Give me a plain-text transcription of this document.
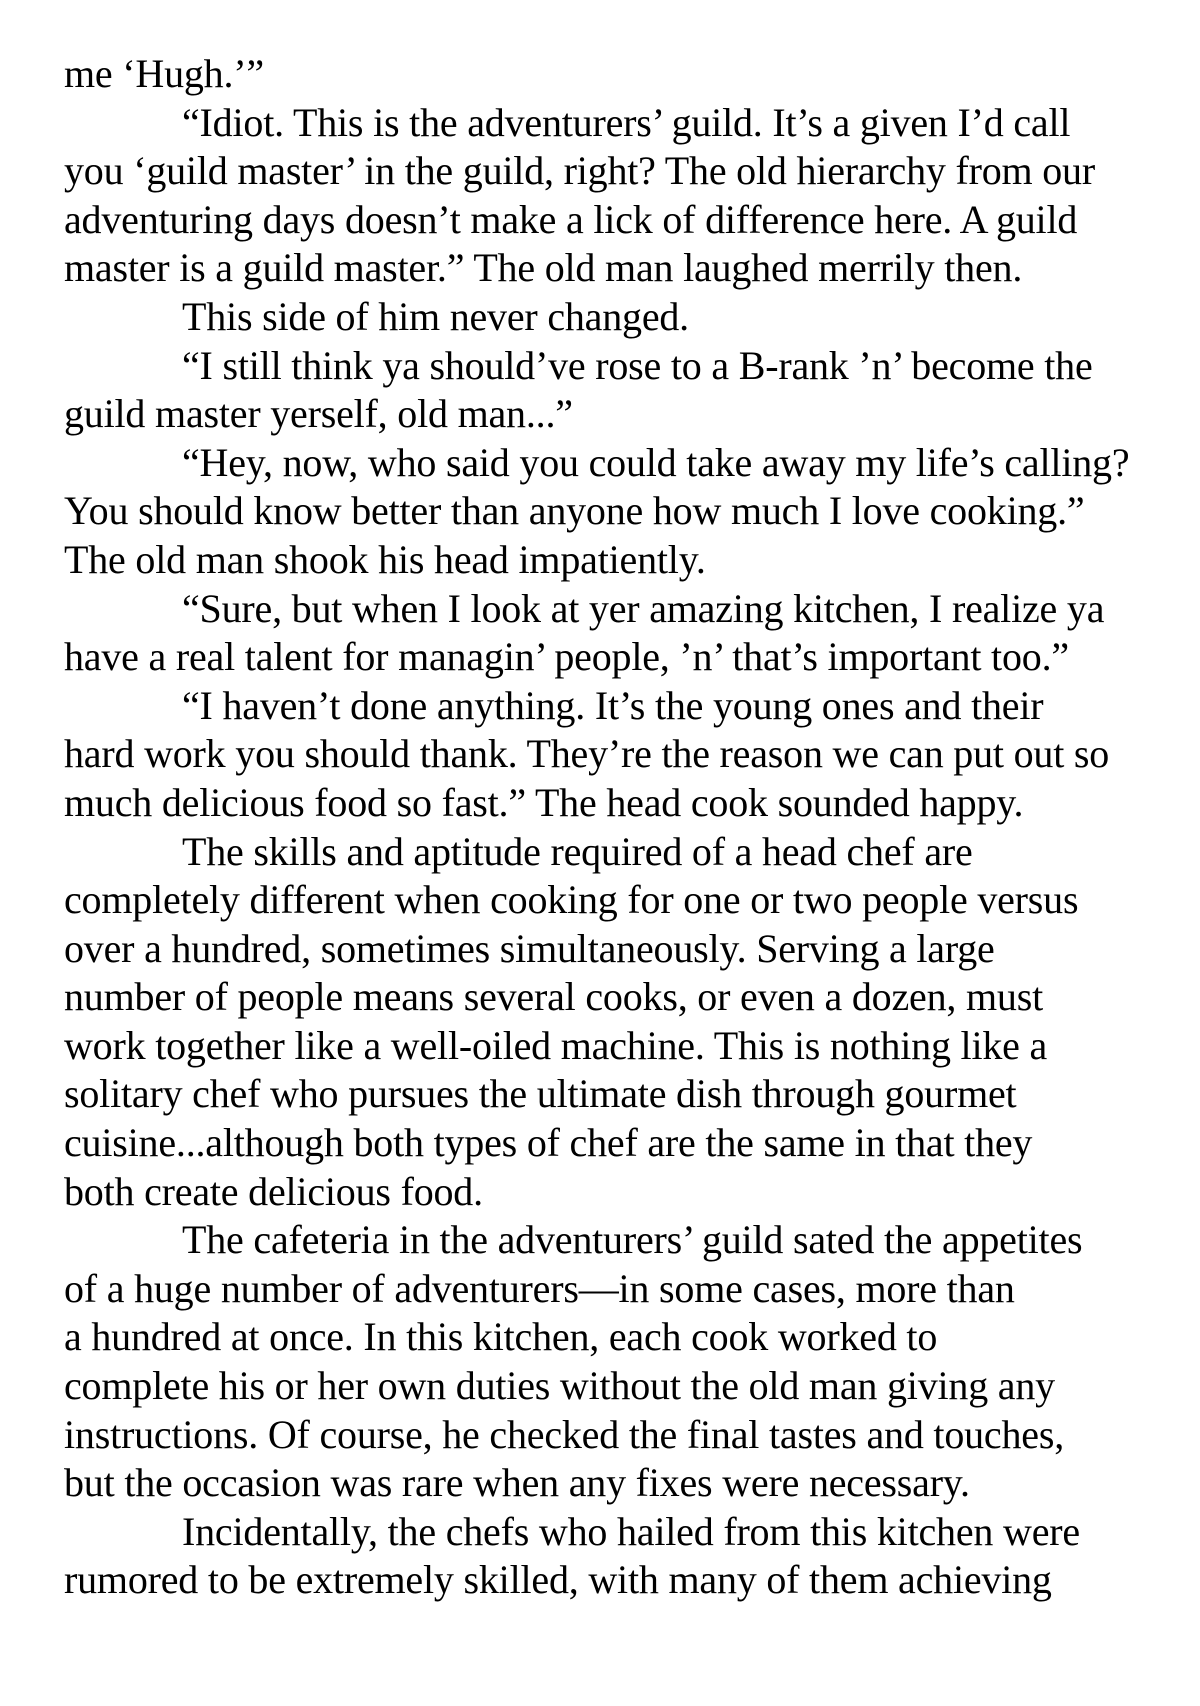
me ‘Hugh.’”
“Idiot. This is the adventurers’ guild. It’s a given I’d call
you ‘guild master’ in the guild, right? The old hierarchy from our
adventuring days doesn’t make a lick of difference here. A guild
master is a guild master.” The old man laughed merrily then.
This side of him never changed.
“I still think ya should’ve rose to a B-rank ’n’ become the
guild master yerself, old man...”
“Hey, now, who said you could take away my life’s calling?
You should know better than anyone how much I love cooking.”
The old man shook his head impatiently.
“Sure, but when I look at yer amazing kitchen, I realize ya
have a real talent for managin’ people, ’n’ that’s important too.”
“I haven’t done anything. It’s the young ones and their
hard work you should thank. They’re the reason we can put out so
much delicious food so fast.” The head cook sounded happy.
The skills and aptitude required of a head chef are
completely different when cooking for one or two people versus
over a hundred, sometimes simultaneously. Serving a large
number of people means several cooks, or even a dozen, must
work together like a well-oiled machine. This is nothing like a
solitary chef who pursues the ultimate dish through gourmet
cuisine...although both types of chef are the same in that they
both create delicious food.
The cafeteria in the adventurers’ guild sated the appetites
of a huge number of adventurers—in some cases, more than
a hundred at once. In this kitchen, each cook worked to
complete his or her own duties without the old man giving any
instructions. Of course, he checked the final tastes and touches,
but the occasion was rare when any fixes were necessary.
Incidentally, the chefs who hailed from this kitchen were
rumored to be extremely skilled, with many of them achieving
